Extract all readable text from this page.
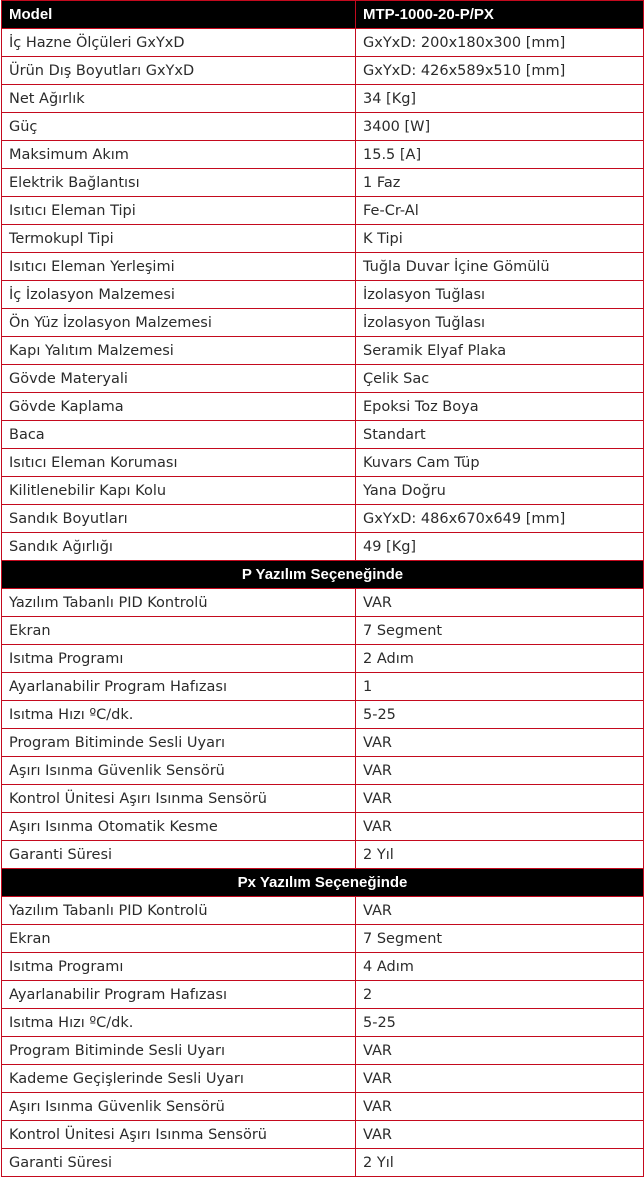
Model	MTP-1000-20-P/PX
İç Hazne Ölçüleri GxYxD	GxYxD: 200x180x300 [mm]
Ürün Dış Boyutları GxYxD	GxYxD: 426x589x510 [mm]
Net Ağırlık	34 [Kg]
Güç	3400 [W]
Maksimum Akım	15.5 [A]
Elektrik Bağlantısı	1 Faz
Isıtıcı Eleman Tipi	Fe-Cr-Al
Termokupl Tipi	K Tipi
Isıtıcı Eleman Yerleşimi	Tuğla Duvar İçine Gömülü
İç İzolasyon Malzemesi	İzolasyon Tuğlası
Ön Yüz İzolasyon Malzemesi	İzolasyon Tuğlası
Kapı Yalıtım Malzemesi	Seramik Elyaf Plaka
Gövde Materyali	Çelik Sac
Gövde Kaplama	Epoksi Toz Boya
Baca	Standart
Isıtıcı Eleman Koruması	Kuvars Cam Tüp
Kilitlenebilir Kapı Kolu	Yana Doğru
Sandık Boyutları	GxYxD: 486x670x649 [mm]
Sandık Ağırlığı	49 [Kg]
P Yazılım Seçeneğinde	
Yazılım Tabanlı PID Kontrolü	VAR
Ekran	7 Segment
Isıtma Programı	2 Adım
Ayarlanabilir Program Hafızası	1
Isıtma Hızı ºC/dk.	5-25
Program Bitiminde Sesli Uyarı	VAR
Aşırı Isınma Güvenlik Sensörü	VAR
Kontrol Ünitesi Aşırı Isınma Sensörü	VAR
Aşırı Isınma Otomatik Kesme	VAR
Garanti Süresi	2 Yıl
Px Yazılım Seçeneğinde	
Yazılım Tabanlı PID Kontrolü	VAR
Ekran	7 Segment
Isıtma Programı	4 Adım
Ayarlanabilir Program Hafızası	2
Isıtma Hızı ºC/dk.	5-25
Program Bitiminde Sesli Uyarı	VAR
Kademe Geçişlerinde Sesli Uyarı	VAR
Aşırı Isınma Güvenlik Sensörü	VAR
Kontrol Ünitesi Aşırı Isınma Sensörü	VAR
Garanti Süresi	2 Yıl
